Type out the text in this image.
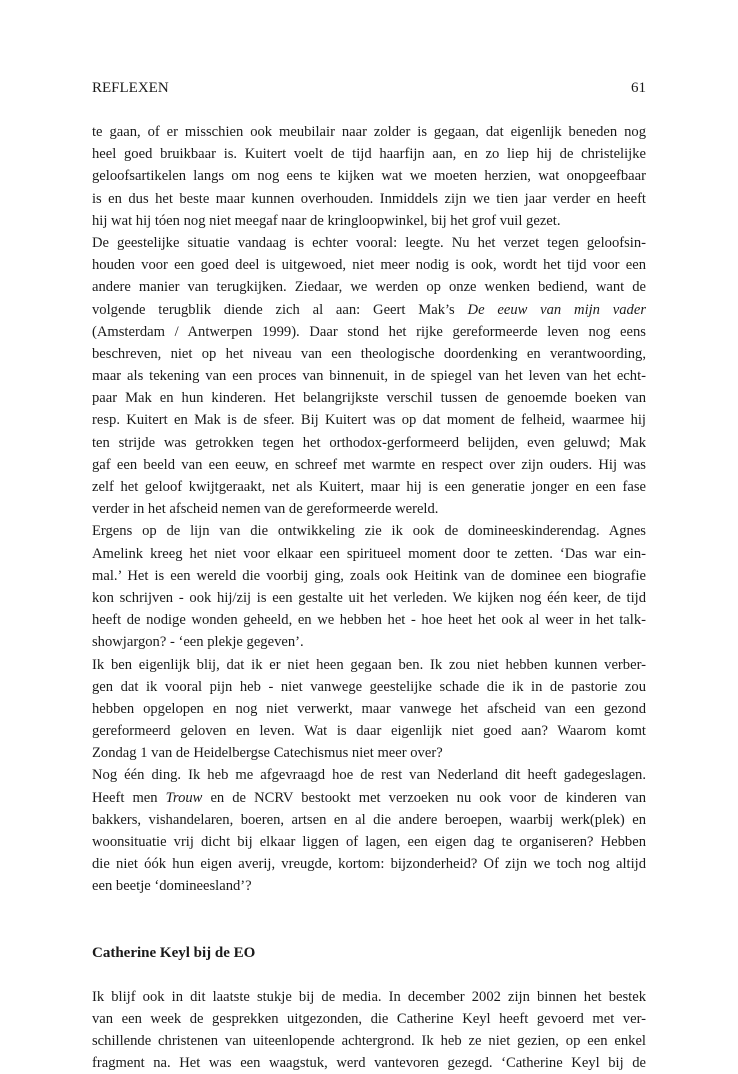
REFLEXEN	61
te gaan, of er misschien ook meubilair naar zolder is gegaan, dat eigenlijk beneden nog
heel goed bruikbaar is. Kuitert voelt de tijd haarfijn aan, en zo liep hij de christelijke
geloofsartikelen langs om nog eens te kijken wat we moeten herzien, wat onopgeefbaar
is en dus het beste maar kunnen overhouden. Inmiddels zijn we tien jaar verder en heeft
hij wat hij tóen nog niet meegaf naar de kringloopwinkel, bij het grof vuil gezet.
De geestelijke situatie vandaag is echter vooral: leegte. Nu het verzet tegen geloofsin-
houden voor een goed deel is uitgewoed, niet meer nodig is ook, wordt het tijd voor een
andere manier van terugkijken. Ziedaar, we werden op onze wenken bediend, want de
volgende terugblik diende zich al aan: Geert Mak’s De eeuw van mijn vader
(Amsterdam / Antwerpen 1999). Daar stond het rijke gereformeerde leven nog eens
beschreven, niet op het niveau van een theologische doordenking en verantwoording,
maar als tekening van een proces van binnenuit, in de spiegel van het leven van het echt-
paar Mak en hun kinderen. Het belangrijkste verschil tussen de genoemde boeken van
resp. Kuitert en Mak is de sfeer. Bij Kuitert was op dat moment de felheid, waarmee hij
ten strijde was getrokken tegen het orthodox-gerformeerd belijden, even geluwd; Mak
gaf een beeld van een eeuw, en schreef met warmte en respect over zijn ouders. Hij was
zelf het geloof kwijtgeraakt, net als Kuitert, maar hij is een generatie jonger en een fase
verder in het afscheid nemen van de gereformeerde wereld.
Ergens op de lijn van die ontwikkeling zie ik ook de domineeskinderendag. Agnes
Amelink kreeg het niet voor elkaar een spiritueel moment door te zetten. ‘Das war ein-
mal.’ Het is een wereld die voorbij ging, zoals ook Heitink van de dominee een biografie
kon schrijven - ook hij/zij is een gestalte uit het verleden. We kijken nog één keer, de tijd
heeft de nodige wonden geheeld, en we hebben het - hoe heet het ook al weer in het talk-
showjargon? - ‘een plekje gegeven’.
Ik ben eigenlijk blij, dat ik er niet heen gegaan ben. Ik zou niet hebben kunnen verber-
gen dat ik vooral pijn heb - niet vanwege geestelijke schade die ik in de pastorie zou
hebben opgelopen en nog niet verwerkt, maar vanwege het afscheid van een gezond
gereformeerd geloven en leven. Wat is daar eigenlijk niet goed aan? Waarom komt
Zondag 1 van de Heidelbergse Catechismus niet meer over?
Nog één ding. Ik heb me afgevraagd hoe de rest van Nederland dit heeft gadegeslagen.
Heeft men Trouw en de NCRV bestookt met verzoeken nu ook voor de kinderen van
bakkers, vishandelaren, boeren, artsen en al die andere beroepen, waarbij werk(plek) en
woonsituatie vrij dicht bij elkaar liggen of lagen, een eigen dag te organiseren? Hebben
die niet óók hun eigen averij, vreugde, kortom: bijzonderheid? Of zijn we toch nog altijd
een beetje ‘domineesland’?
Catherine Keyl bij de EO
Ik blijf ook in dit laatste stukje bij de media. In december 2002 zijn binnen het bestek
van een week de gesprekken uitgezonden, die Catherine Keyl heeft gevoerd met ver-
schillende christenen van uiteenlopende achtergrond. Ik heb ze niet gezien, op een enkel
fragment na. Het was een waagstuk, werd vantevoren gezegd. ‘Catherine Keyl bij de
